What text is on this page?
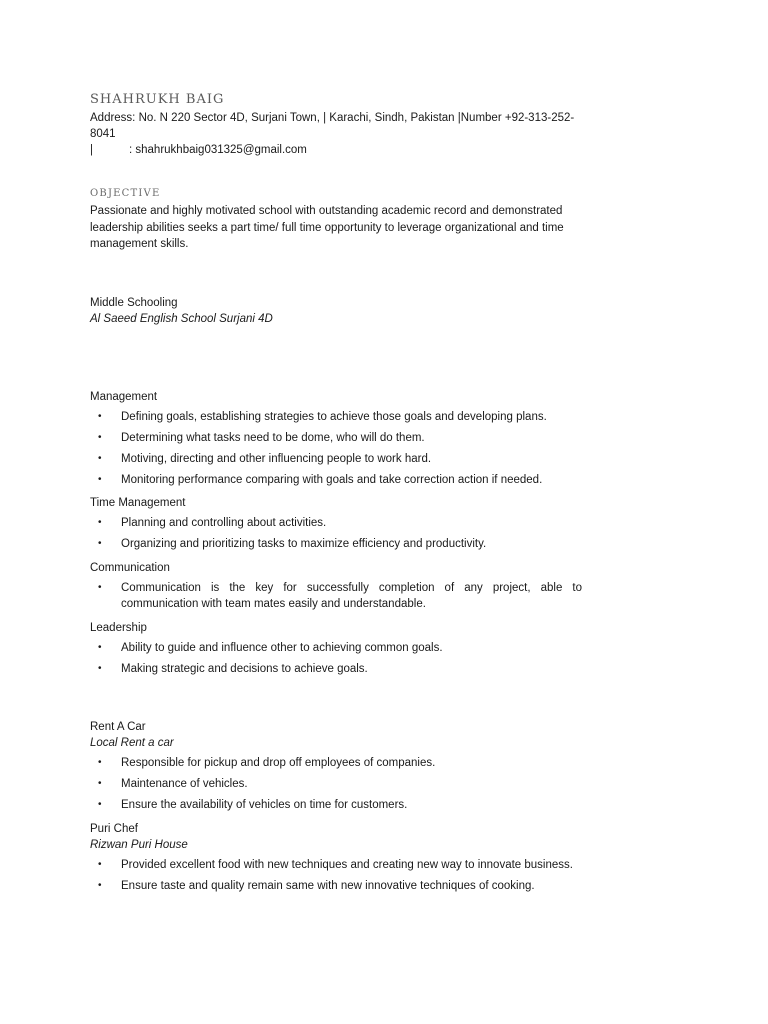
SHAHRUKH BAIG
Address: No. N 220 Sector 4D, Surjani Town, | Karachi, Sindh, Pakistan |Number +92-313-252-8041
|	: shahrukhbaig031325@gmail.com
OBJECTIVE

Passionate and highly motivated school with outstanding academic record and demonstrated leadership abilities seeks a part time/ full time opportunity to leverage organizational and time management skills.

Middle Schooling
Al Saeed English School Surjani 4D
Management
• Defining goals, establishing strategies to achieve those goals and developing plans.
• Determining what tasks need to be dome, who will do them.
• Motiving, directing and other influencing people to work hard.
• Monitoring performance comparing with goals and take correction action if needed.
Time Management
• Planning and controlling about activities.
• Organizing and prioritizing tasks to maximize efficiency and productivity.
Communication
• Communication is the key for successfully completion of any project, able to communication with team mates easily and understandable.
Leadership
• Ability to guide and influence other to achieving common goals.
• Making strategic and decisions to achieve goals.
Rent A Car
Local Rent a car
• Responsible for pickup and drop off employees of companies.
• Maintenance of vehicles.
• Ensure the availability of vehicles on time for customers.
Puri Chef
Rizwan Puri House
• Provided excellent food with new techniques and creating new way to innovate business.
• Ensure taste and quality remain same with new innovative techniques of cooking.
